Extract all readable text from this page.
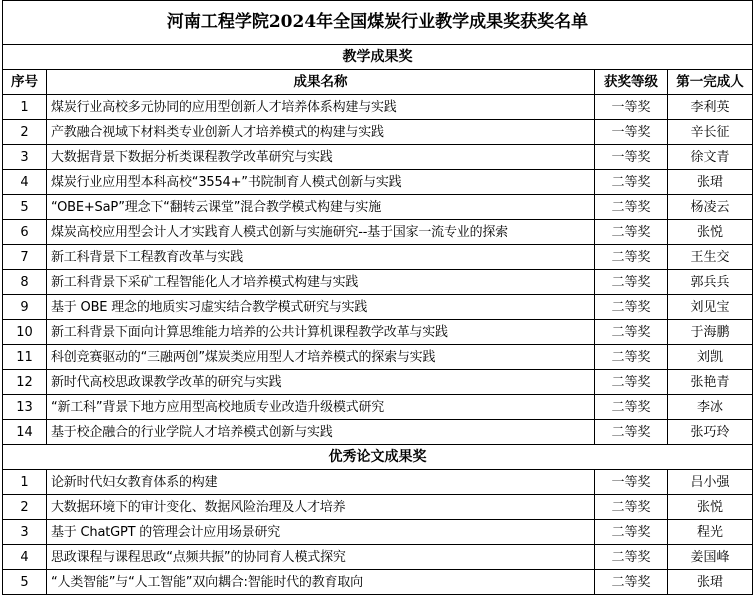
河南工程学院2024年全国煤炭行业教学成果奖获奖名单			
教学成果奖			
序号	成果名称	获奖等级	第一完成人
1	煤炭行业高校多元协同的应用型创新人才培养体系构建与实践	一等奖	李利英
2	产教融合视域下材料类专业创新人才培养模式的构建与实践	一等奖	辛长征
3	大数据背景下数据分析类课程教学改革研究与实践	一等奖	徐文青
4	煤炭行业应用型本科高校“3554+”书院制育人模式创新与实践	二等奖	张珺
5	“OBE+SaP”理念下“翻转云课堂”混合教学模式构建与实施	二等奖	杨凌云
6	煤炭高校应用型会计人才实践育人模式创新与实施研究--基于国家一流专业的探索	二等奖	张悦
7	新工科背景下工程教育改革与实践	二等奖	王生交
8	新工科背景下采矿工程智能化人才培养模式构建与实践	二等奖	郭兵兵
9	基于 OBE 理念的地质实习虚实结合教学模式研究与实践	二等奖	刘见宝
10	新工科背景下面向计算思维能力培养的公共计算机课程教学改革与实践	二等奖	于海鹏
11	科创竞赛驱动的“三融两创”煤炭类应用型人才培养模式的探索与实践	二等奖	刘凯
12	新时代高校思政课教学改革的研究与实践	二等奖	张艳青
13	“新工科”背景下地方应用型高校地质专业改造升级模式研究	二等奖	李冰
14	基于校企融合的行业学院人才培养模式创新与实践	二等奖	张巧玲
优秀论文成果奖			
1	论新时代妇女教育体系的构建	一等奖	吕小强
2	大数据环境下的审计变化、数据风险治理及人才培养	二等奖	张悦
3	基于 ChatGPT 的管理会计应用场景研究	二等奖	程光
4	思政课程与课程思政“点频共振”的协同育人模式探究	二等奖	姜国峰
5	“人类智能”与“人工智能”双向耦合:智能时代的教育取向	二等奖	张珺
